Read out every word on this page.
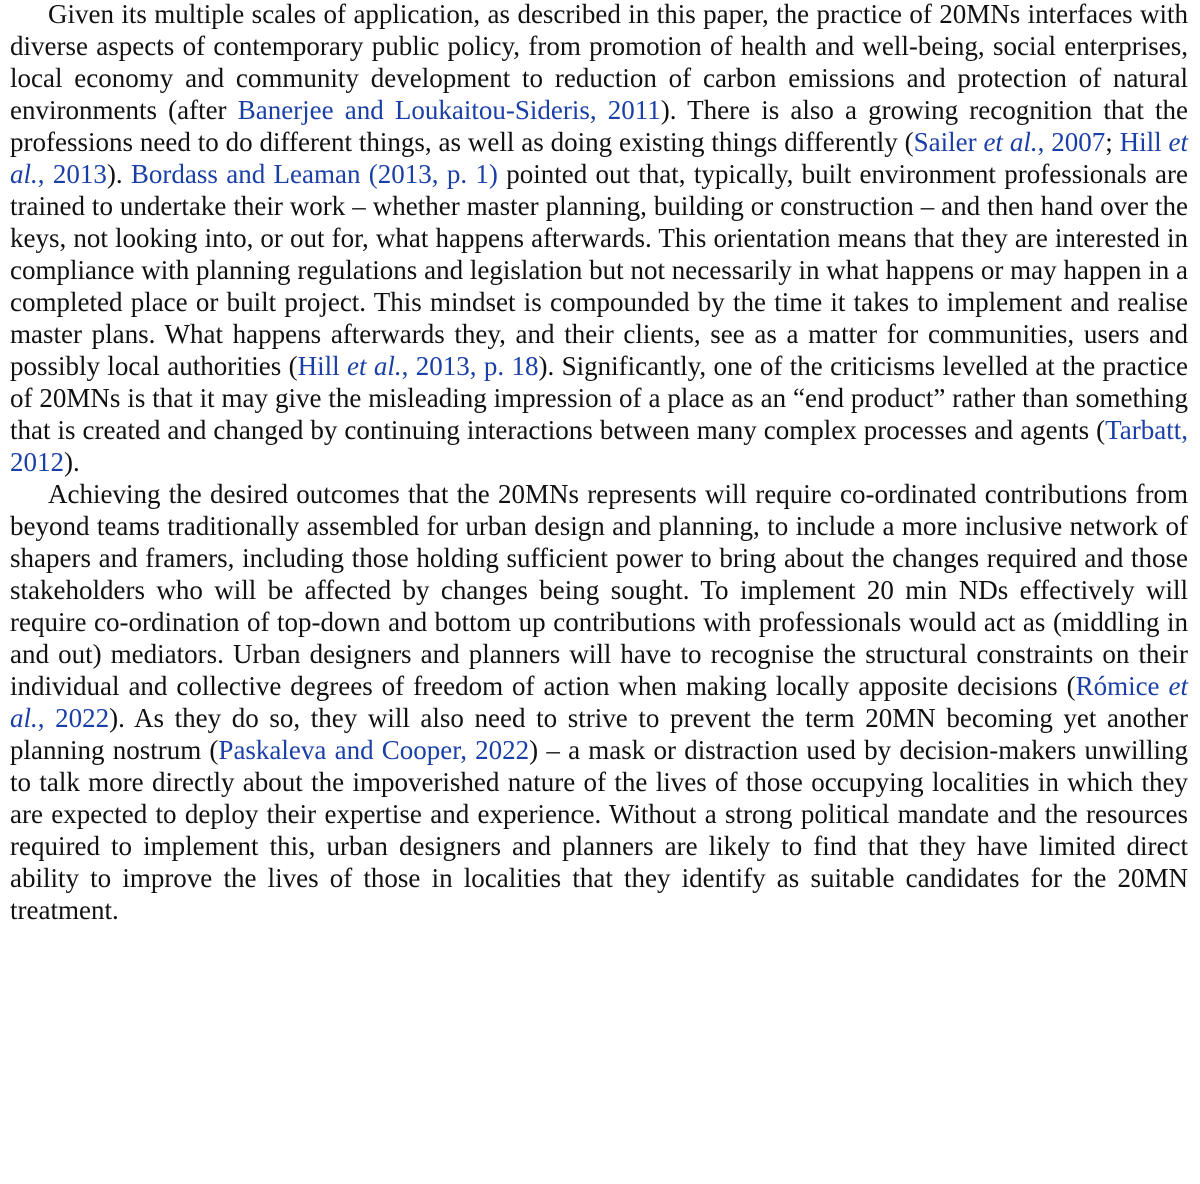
Given its multiple scales of application, as described in this paper, the practice of 20MNs interfaces with diverse aspects of contemporary public policy, from promotion of health and well-being, social enterprises, local economy and community development to reduction of carbon emissions and protection of natural environments (after Banerjee and Loukaitou-Sideris, 2011). There is also a growing recognition that the professions need to do different things, as well as doing existing things differently (Sailer et al., 2007; Hill et al., 2013). Bordass and Leaman (2013, p. 1) pointed out that, typically, built environment professionals are trained to undertake their work – whether master planning, building or construction – and then hand over the keys, not looking into, or out for, what happens afterwards. This orientation means that they are interested in compliance with planning regulations and legislation but not necessarily in what happens or may happen in a completed place or built project. This mindset is compounded by the time it takes to implement and realise master plans. What happens afterwards they, and their clients, see as a matter for communities, users and possibly local authorities (Hill et al., 2013, p. 18). Significantly, one of the criticisms levelled at the practice of 20MNs is that it may give the misleading impression of a place as an “end product” rather than something that is created and changed by continuing interactions between many complex processes and agents (Tarbatt, 2012).

Achieving the desired outcomes that the 20MNs represents will require co-ordinated contributions from beyond teams traditionally assembled for urban design and planning, to include a more inclusive network of shapers and framers, including those holding sufficient power to bring about the changes required and those stakeholders who will be affected by changes being sought. To implement 20 min NDs effectively will require co-ordination of top-down and bottom up contributions with professionals would act as (middling in and out) mediators. Urban designers and planners will have to recognise the structural constraints on their individual and collective degrees of freedom of action when making locally apposite decisions (Rómice et al., 2022). As they do so, they will also need to strive to prevent the term 20MN becoming yet another planning nostrum (Paskaleva and Cooper, 2022) – a mask or distraction used by decision-makers unwilling to talk more directly about the impoverished nature of the lives of those occupying localities in which they are expected to deploy their expertise and experience. Without a strong political mandate and the resources required to implement this, urban designers and planners are likely to find that they have limited direct ability to improve the lives of those in localities that they identify as suitable candidates for the 20MN treatment.
